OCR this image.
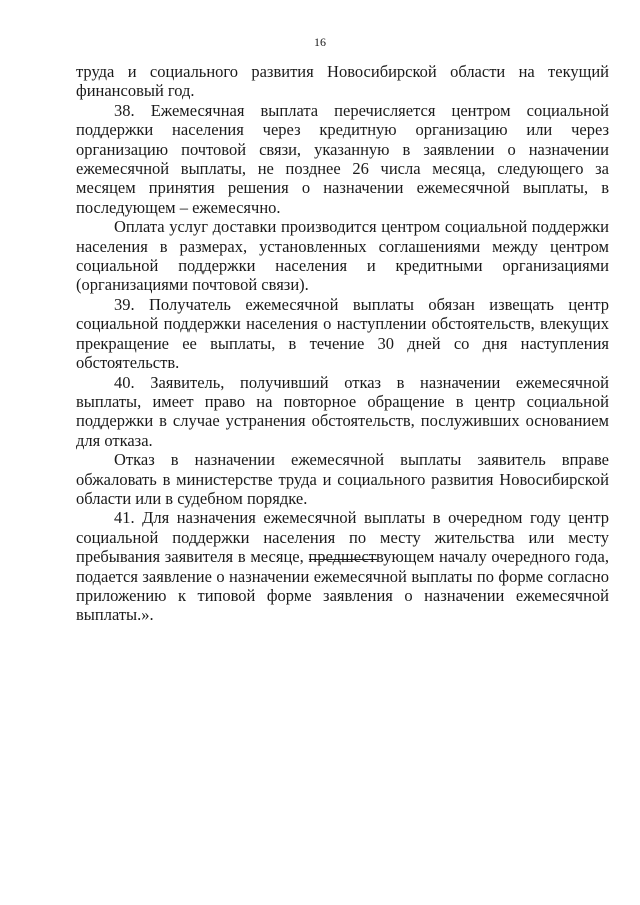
16

труда и социального развития Новосибирской области на текущий финансовый год.

38. Ежемесячная выплата перечисляется центром социальной поддержки населения через кредитную организацию или через организацию почтовой связи, указанную в заявлении о назначении ежемесячной выплаты, не позднее 26 числа месяца, следующего за месяцем принятия решения о назначении ежемесячной выплаты, в последующем – ежемесячно.

Оплата услуг доставки производится центром социальной поддержки населения в размерах, установленных соглашениями между центром социальной поддержки населения и кредитными организациями (организациями почтовой связи).

39. Получатель ежемесячной выплаты обязан извещать центр социальной поддержки населения о наступлении обстоятельств, влекущих прекращение ее выплаты, в течение 30 дней со дня наступления обстоятельств.

40. Заявитель, получивший отказ в назначении ежемесячной выплаты, имеет право на повторное обращение в центр социальной поддержки в случае устранения обстоятельств, послуживших основанием для отказа.

Отказ в назначении ежемесячной выплаты заявитель вправе обжаловать в министерстве труда и социального развития Новосибирской области или в судебном порядке.

41. Для назначения ежемесячной выплаты в очередном году центр социальной поддержки населения по месту жительства или месту пребывания заявителя в месяце, предшествующем началу очередного года, подается заявление о назначении ежемесячной выплаты по форме согласно приложению к типовой форме заявления о назначении ежемесячной выплаты.».
